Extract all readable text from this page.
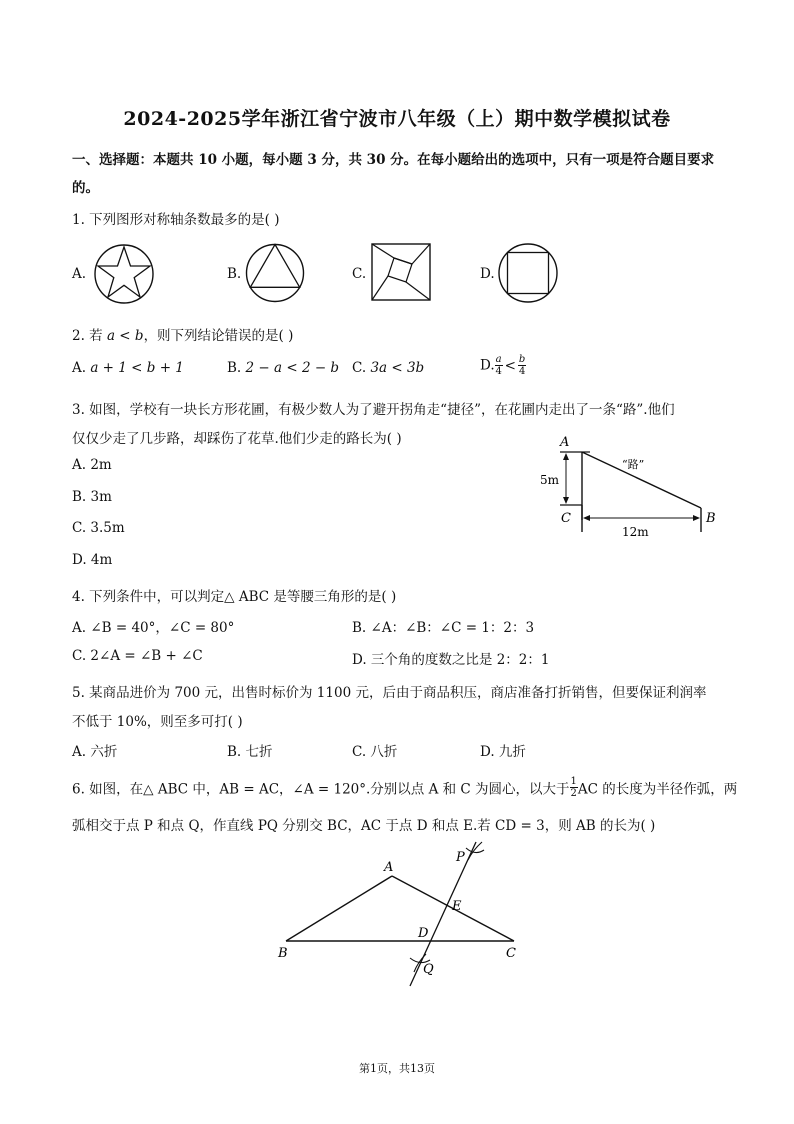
2024-2025学年浙江省宁波市八年级（上）期中数学模拟试卷
一、选择题：本题共 10 小题，每小题 3 分，共 30 分。在每小题给出的选项中，只有一项是符合题目要求
的。
1. 下列图形对称轴条数最多的是( )
A.	B.	C.	D.
2. 若 a < b，则下列结论错误的是( )
A. a + 1 < b + 1	B. 2 − a < 2 − b C. 3a < 3b	D. $\frac{a}{4} < \frac{b}{4}$
3. 如图，学校有一块长方形花圃，有极少数人为了避开拐角走“捷径”，在花圃内走出了一条“路”.他们
仅仅少走了几步路，却踩伤了花草.他们少走的路长为( )
A. 2m
B. 3m
C. 3.5m
D. 4m
A
B
C
5m
12m
“路”
4. 下列条件中，可以判定△ ABC 是等腰三角形的是( )
A. ∠B = 40°，∠C = 80°	B. ∠A：∠B：∠C = 1：2：3
C. 2∠A = ∠B + ∠C	D. 三个角的度数之比是 2：2：1
5. 某商品进价为 700 元，出售时标价为 1100 元，后由于商品积压，商店准备打折销售，但要保证利润率
不低于 10%，则至多可打( )
A. 六折	B. 七折	C. 八折	D. 九折
6. 如图，在△ ABC 中，AB = AC，∠A = 120°.分别以点 A 和 C 为圆心，以大于 $\frac{1}{2}$ AC 的长度为半径作弧，两
弧相交于点 P 和点 Q，作直线 PQ 分别交 BC，AC 于点 D 和点 E.若 CD = 3，则 AB 的长为( )
A
B	C
D
E
P
Q
第1页，共13页
